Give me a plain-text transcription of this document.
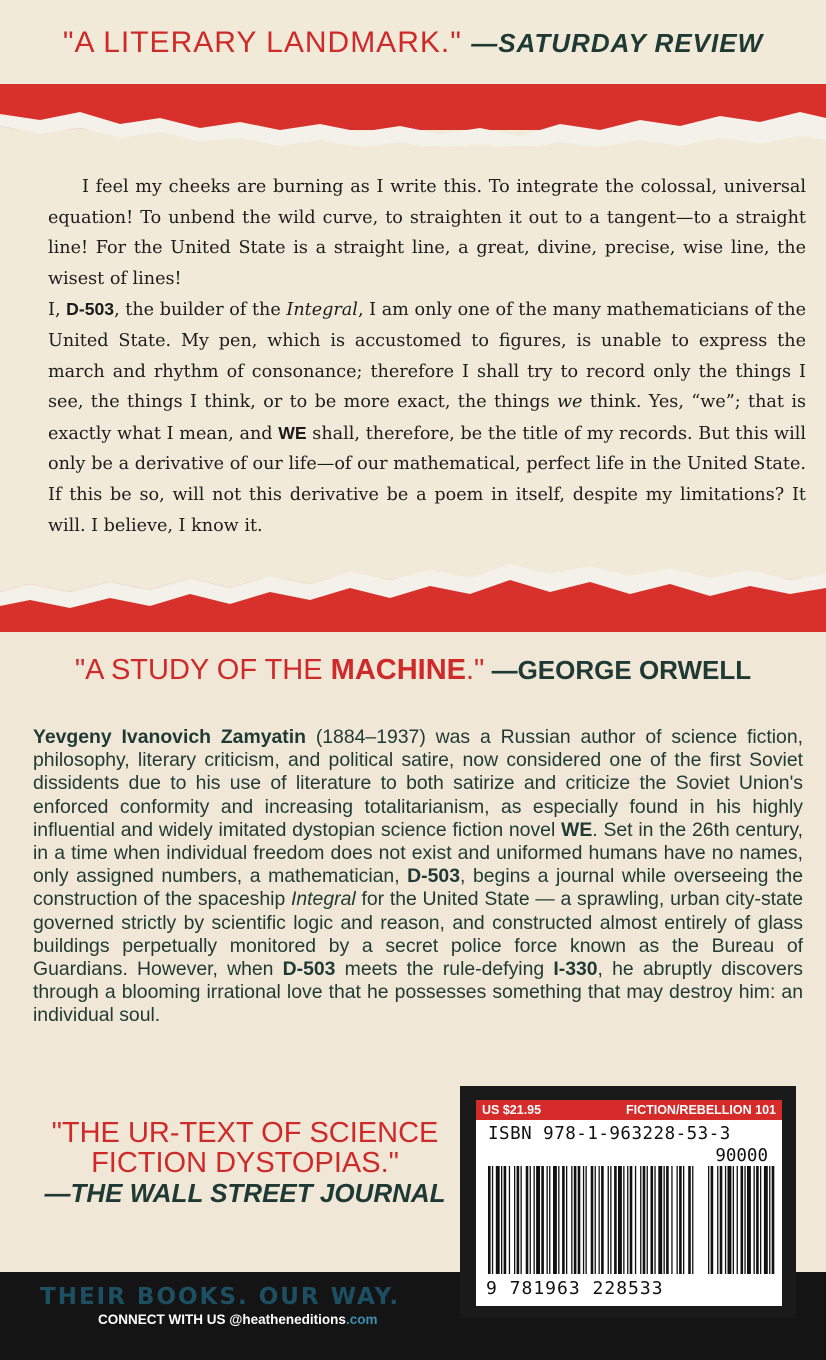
"A LITERARY LANDMARK." —SATURDAY REVIEW

I feel my cheeks are burning as I write this. To integrate the colossal, universal equation! To unbend the wild curve, to straighten it out to a tangent—to a straight line! For the United State is a straight line, a great, divine, precise, wise line, the wisest of lines!

I, D-503, the builder of the Integral, I am only one of the many mathematicians of the United State. My pen, which is accustomed to figures, is unable to express the march and rhythm of consonance; therefore I shall try to record only the things I see, the things I think, or to be more exact, the things we think. Yes, “we”; that is exactly what I mean, and WE shall, therefore, be the title of my records. But this will only be a derivative of our life—of our mathematical, perfect life in the United State. If this be so, will not this derivative be a poem in itself, despite my limitations? It will. I believe, I know it.

"A STUDY OF THE MACHINE." —GEORGE ORWELL
Yevgeny Ivanovich Zamyatin (1884–1937) was a Russian author of science fiction, philosophy, literary criticism, and political satire, now considered one of the first Soviet dissidents due to his use of literature to both satirize and criticize the Soviet Union's enforced conformity and increasing totalitarianism, as especially found in his highly influential and widely imitated dystopian science fiction novel WE. Set in the 26th century, in a time when individual freedom does not exist and uniformed humans have no names, only assigned numbers, a mathematician, D-503, begins a journal while overseeing the construction of the spaceship Integral for the United State — a sprawling, urban city-state governed strictly by scientific logic and reason, and constructed almost entirely of glass buildings perpetually monitored by a secret police force known as the Bureau of Guardians. However, when D-503 meets the rule-defying I-330, he abruptly discovers through a blooming irrational love that he possesses something that may destroy him: an individual soul.
"THE UR-TEXT OF SCIENCE
FICTION DYSTOPIAS."
—THE WALL STREET JOURNAL
THEIR BOOKS. OUR WAY.
CONNECT WITH US @heatheneditions.com
US $21.95	FICTION/REBELLION 101
ISBN 978-1-963228-53-3
90000
9 781963 228533
